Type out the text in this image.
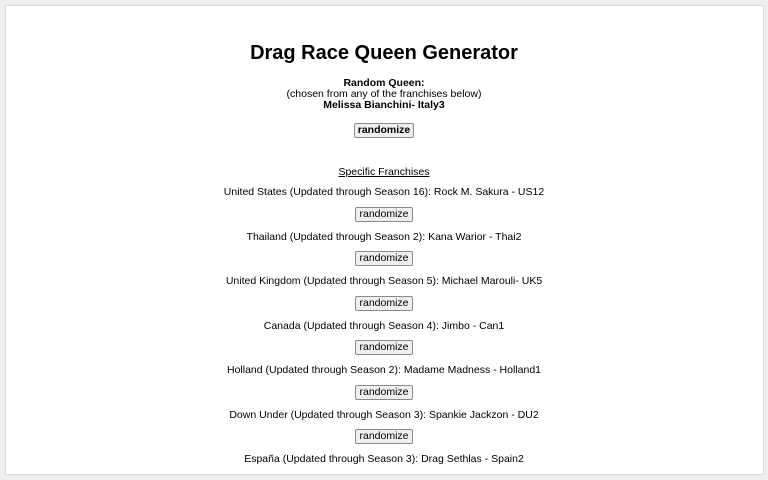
Drag Race Queen Generator
Random Queen:
(chosen from any of the franchises below)
Melissa Bianchini- Italy3
randomize
Specific Franchises
United States (Updated through Season 16): Rock M. Sakura - US12
randomize
Thailand (Updated through Season 2): Kana Warior - Thai2
randomize
United Kingdom (Updated through Season 5): Michael Marouli- UK5
randomize
Canada (Updated through Season 4): Jimbo - Can1
randomize
Holland (Updated through Season 2): Madame Madness - Holland1
randomize
Down Under (Updated through Season 3): Spankie Jackzon - DU2
randomize
España (Updated through Season 3): Drag Sethlas - Spain2
